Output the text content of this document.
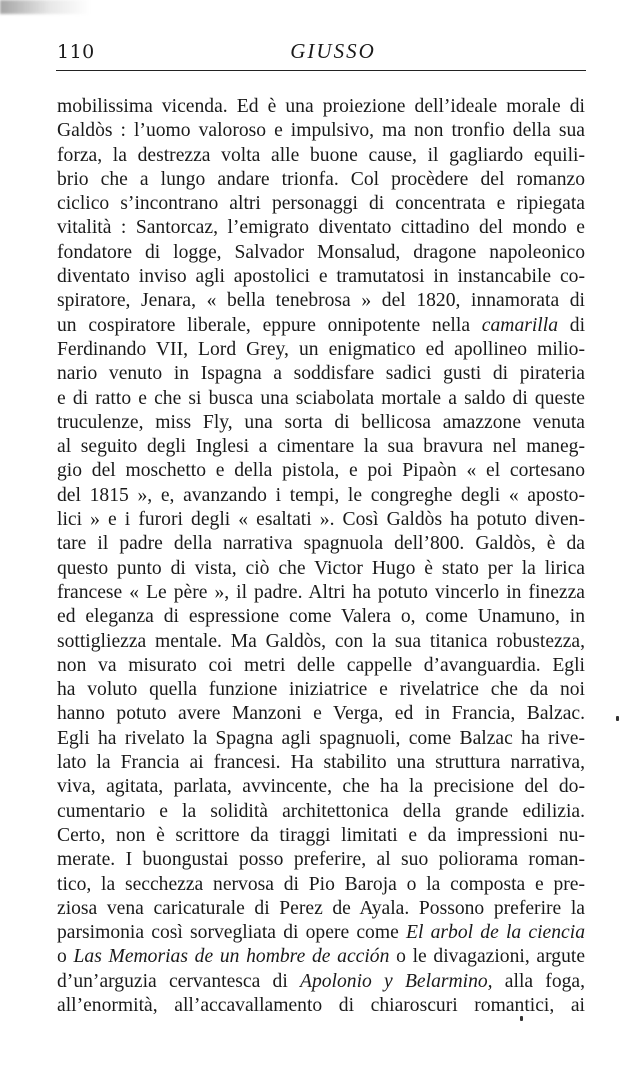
110	GIUSSO
mobilissima vicenda. Ed è una proiezione dell’ideale morale di
Galdòs : l’uomo valoroso e impulsivo, ma non tronfio della sua
forza, la destrezza volta alle buone cause, il gagliardo equili-
brio che a lungo andare trionfa. Col procèdere del romanzo
ciclico s’incontrano altri personaggi di concentrata e ripiegata
vitalità : Santorcaz, l’emigrato diventato cittadino del mondo e
fondatore di logge, Salvador Monsalud, dragone napoleonico
diventato inviso agli apostolici e tramutatosi in instancabile co-
spiratore, Jenara, « bella tenebrosa » del 1820, innamorata di
un cospiratore liberale, eppure onnipotente nella camarilla di
Ferdinando VII, Lord Grey, un enigmatico ed apollineo milio-
nario venuto in Ispagna a soddisfare sadici gusti di pirateria
e di ratto e che si busca una sciabolata mortale a saldo di queste
truculenze, miss Fly, una sorta di bellicosa amazzone venuta
al seguito degli Inglesi a cimentare la sua bravura nel maneg-
gio del moschetto e della pistola, e poi Pipaòn « el cortesano
del 1815 », e, avanzando i tempi, le congreghe degli « aposto-
lici » e i furori degli « esaltati ». Così Galdòs ha potuto diven-
tare il padre della narrativa spagnuola dell’800. Galdòs, è da
questo punto di vista, ciò che Victor Hugo è stato per la lirica
francese « Le père », il padre. Altri ha potuto vincerlo in finezza
ed eleganza di espressione come Valera o, come Unamuno, in
sottigliezza mentale. Ma Galdòs, con la sua titanica robustezza,
non va misurato coi metri delle cappelle d’avanguardia. Egli
ha voluto quella funzione iniziatrice e rivelatrice che da noi
hanno potuto avere Manzoni e Verga, ed in Francia, Balzac.
Egli ha rivelato la Spagna agli spagnuoli, come Balzac ha rive-
lato la Francia ai francesi. Ha stabilito una struttura narrativa,
viva, agitata, parlata, avvincente, che ha la precisione del do-
cumentario e la solidità architettonica della grande edilizia.
Certo, non è scrittore da tiraggi limitati e da impressioni nu-
merate. I buongustai posso preferire, al suo poliorama roman-
tico, la secchezza nervosa di Pio Baroja o la composta e pre-
ziosa vena caricaturale di Perez de Ayala. Possono preferire la
parsimonia così sorvegliata di opere come El arbol de la ciencia
o Las Memorias de un hombre de acción o le divagazioni, argute
d’un’arguzia cervantesca di Apolonio y Belarmino, alla foga,
all’enormità, all’accavallamento di chiaroscuri romantici, ai
